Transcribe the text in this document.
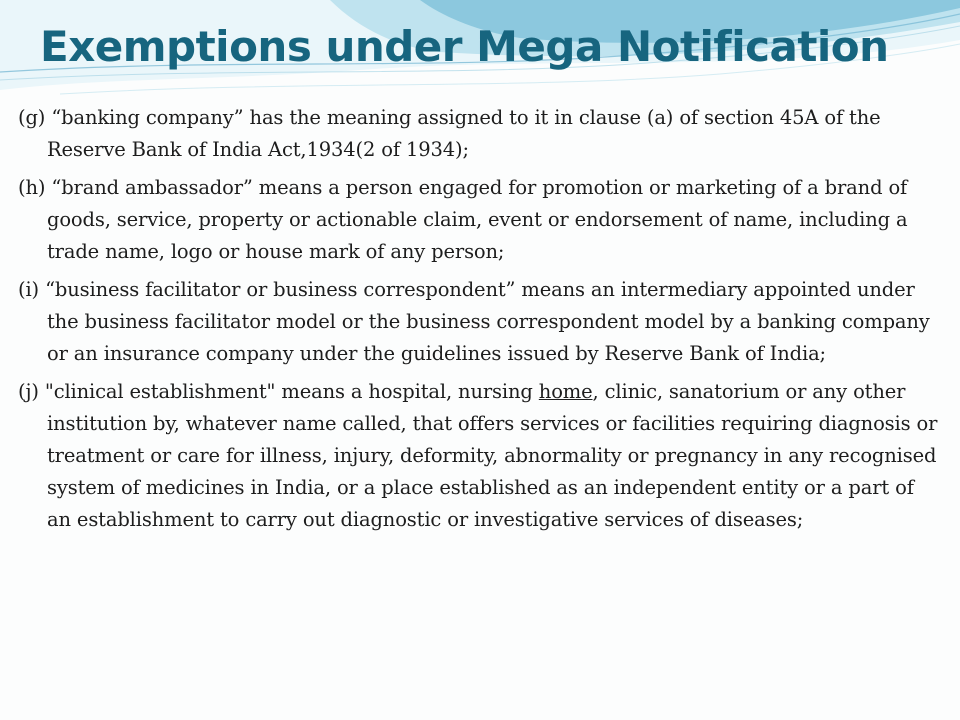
Exemptions under Mega Notification
(g) “banking company” has the meaning assigned to it in clause (a) of section 45A of the Reserve Bank of India Act,1934(2 of 1934);
(h) “brand ambassador” means a person engaged for promotion or marketing of a brand of goods, service, property or actionable claim, event or endorsement of name, including a trade name, logo or house mark of any person;
(i) “business facilitator or business correspondent” means an intermediary appointed under the business facilitator model or the business correspondent model by a banking company or an insurance company under the guidelines issued by Reserve Bank of India;
(j) "clinical establishment" means a hospital, nursing home, clinic, sanatorium or any other institution by, whatever name called, that offers services or facilities requiring diagnosis or treatment or care for illness, injury, deformity, abnormality or pregnancy in any recognised system of medicines in India, or a place established as an independent entity or a part of an establishment to carry out diagnostic or investigative services of diseases;
